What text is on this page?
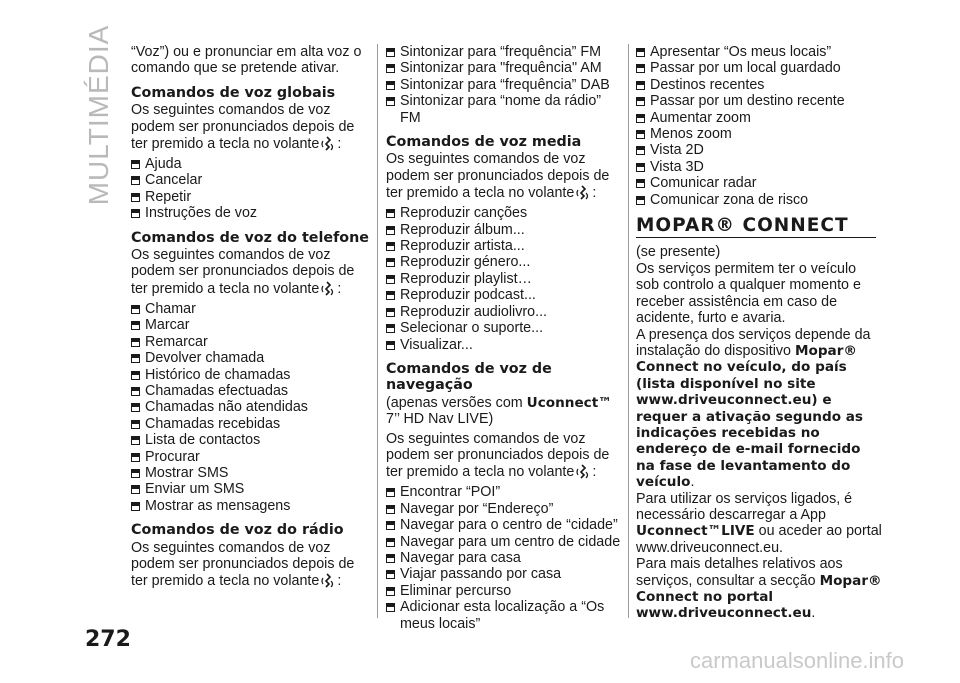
MULTIMÉDIA “Voz”) ou e pronunciar em alta voz o comando que se pretende ativar.

Comandos de voz globais

Os seguintes comandos de voz podem ser pronunciados depois de ter premido a tecla no volante :

Ajuda
Cancelar
Repetir
Instruções de voz
Comandos de voz do telefone

Os seguintes comandos de voz podem ser pronunciados depois de ter premido a tecla no volante :

Chamar
Marcar
Remarcar
Devolver chamada
Histórico de chamadas
Chamadas efectuadas
Chamadas não atendidas
Chamadas recebidas
Lista de contactos
Procurar
Mostrar SMS
Enviar um SMS
Mostrar as mensagens
Comandos de voz do rádio

Os seguintes comandos de voz podem ser pronunciados depois de ter premido a tecla no volante :

Sintonizar para “frequência” FM
Sintonizar para "frequência" AM
Sintonizar para “frequência” DAB
Sintonizar para “nome da rádio” FM
Comandos de voz media

Os seguintes comandos de voz podem ser pronunciados depois de ter premido a tecla no volante :

Reproduzir canções
Reproduzir álbum...
Reproduzir artista...
Reproduzir género...
Reproduzir playlist…
Reproduzir podcast...
Reproduzir audiolivro...
Selecionar o suporte...
Visualizar...
Comandos de voz de navegação

(apenas versões com Uconnect™ 7’’ HD Nav LIVE)

Os seguintes comandos de voz podem ser pronunciados depois de ter premido a tecla no volante :

Encontrar “POI”
Navegar por “Endereço”
Navegar para o centro de “cidade”
Navegar para um centro de cidade
Navegar para casa
Viajar passando por casa
Eliminar percurso
Adicionar esta localização a “Os meus locais”
Apresentar “Os meus locais”
Passar por um local guardado
Destinos recentes
Passar por um destino recente
Aumentar zoom
Menos zoom
Vista 2D
Vista 3D
Comunicar radar
Comunicar zona de risco
MOPAR® CONNECT

(se presente)

Os serviços permitem ter o veículo sob controlo a qualquer momento e receber assistência em caso de acidente, furto e avaria.

A presença dos serviços depende da instalação do dispositivo Mopar® Connect no veículo, do país (lista disponível no site www.driveuconnect.eu) e requer a ativação segundo as indicações recebidas no endereço de e-mail fornecido na fase de levantamento do veículo.

Para utilizar os serviços ligados, é necessário descarregar a App Uconnect™LIVE ou aceder ao portal www.driveuconnect.eu.

Para mais detalhes relativos aos serviços, consultar a secção Mopar® Connect no portal www.driveuconnect.eu.

272
carmanualsonline.info
